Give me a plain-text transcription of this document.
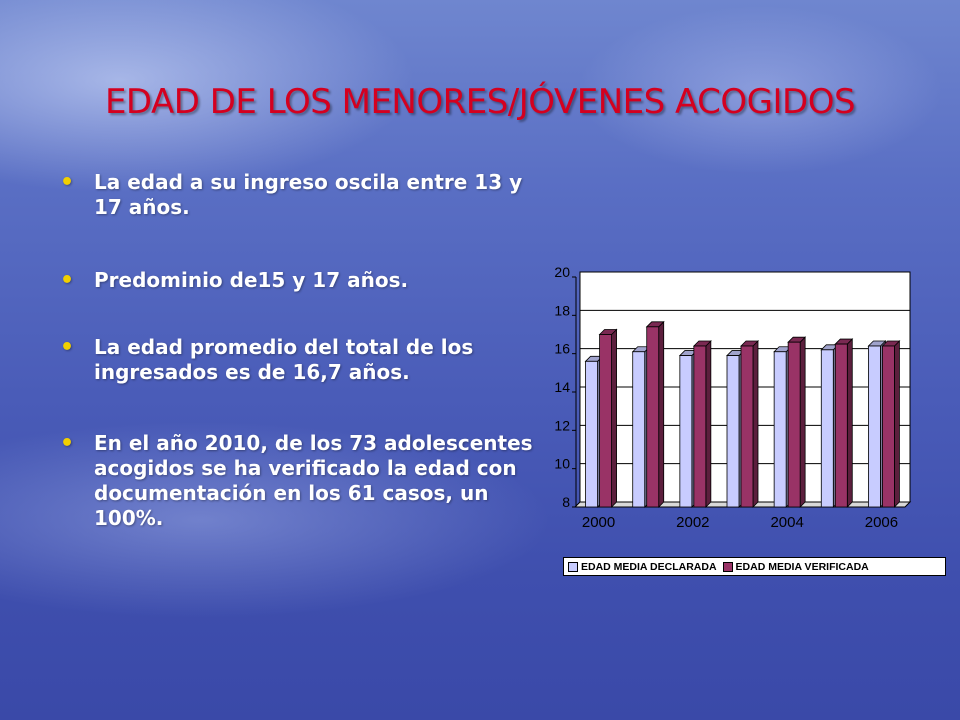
EDAD DE LOS MENORES/JÓVENES ACOGIDOS
• La edad a su ingreso oscila entre 13 y 17 años.
• Predominio de15 y 17 años.
• La edad promedio del total de los ingresados es de 16,7 años.
• En el año 2010, de los 73 adolescentes acogidos se ha verificado la edad con documentación en los 61 casos, un 100%.
8
10
12
14
16
18
20
2000	2002	2004	2006
EDAD MEDIA DECLARADA EDAD MEDIA VERIFICADA
